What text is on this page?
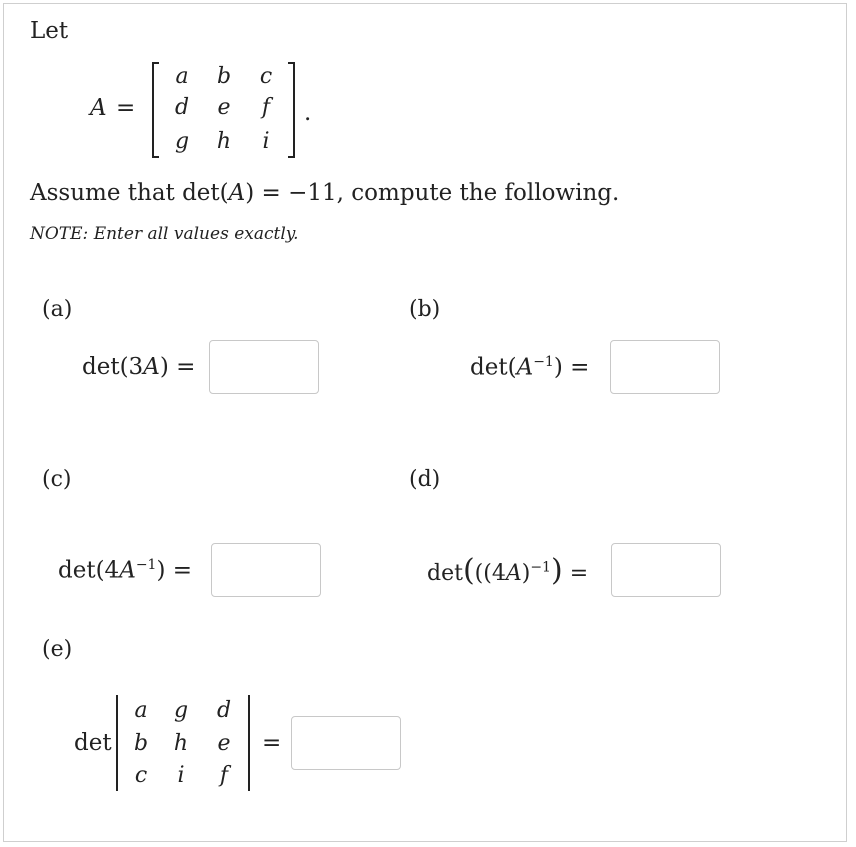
Let
A =
a	b	c
d	e	f
g	h	i
.
Assume that det(A) = −11, compute the following.
NOTE: Enter all values exactly.
(a)
det(3A) =
(b)
$\det(A^{-1})$ =
(c)
$\det(4A^{-1})$ =
(d)
$\det(((4A)^{-1})$ =
(e)
det
a	g	d
b	h	e
c	i	f
=
